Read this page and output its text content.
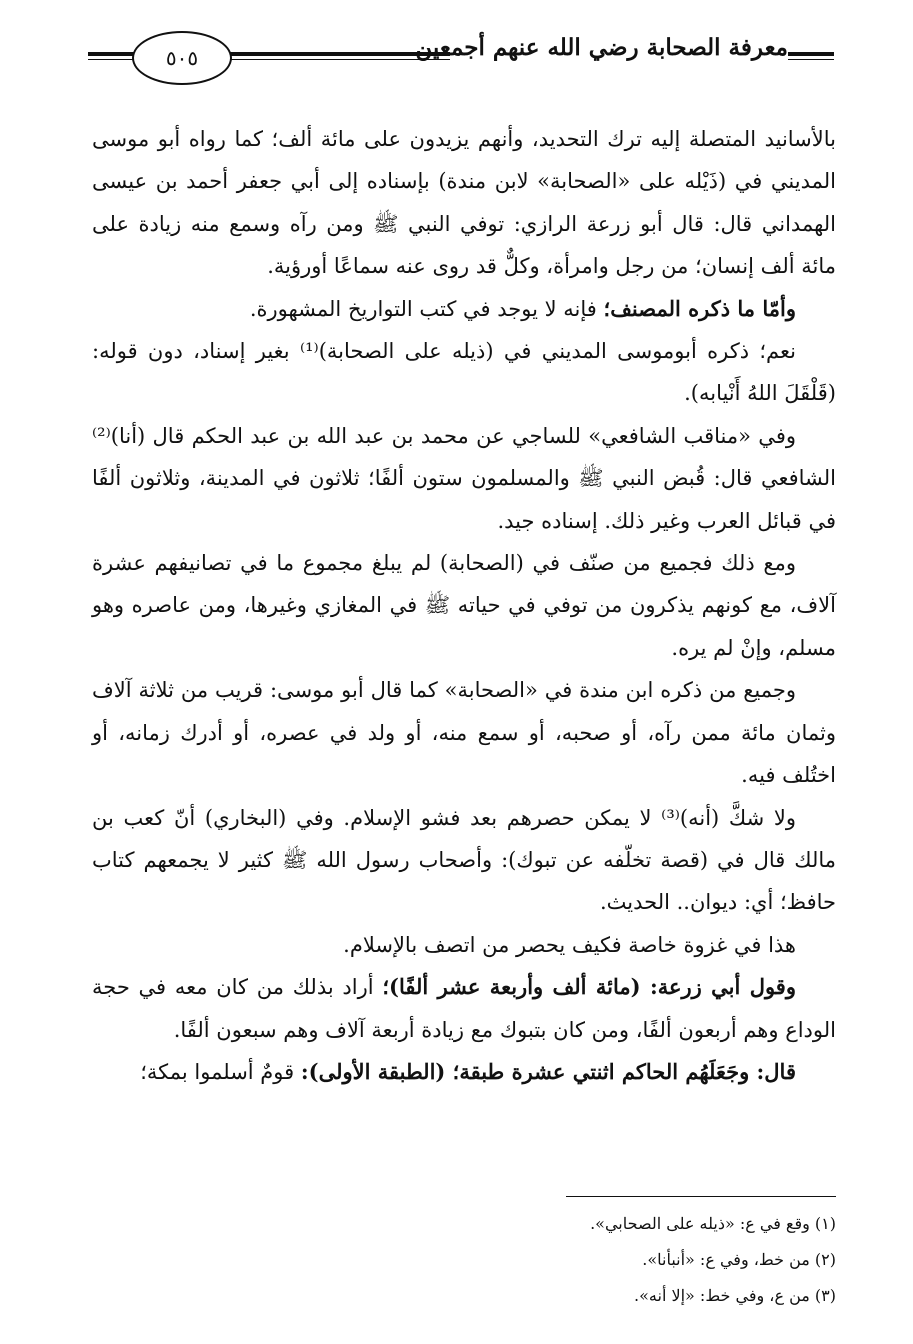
٥٠٥	معرفة الصحابة رضي الله عنهم أجمعين

بالأسانيد المتصلة إليه ترك التحديد، وأنهم يزيدون على مائة ألف؛ كما رواه أبو موسى المديني في (ذَيْله على «الصحابة» لابن مندة) بإسناده إلى أبي جعفر أحمد بن عيسى الهمداني قال: قال أبو زرعة الرازي: توفي النبي ﷺ ومن رآه وسمع منه زيادة على مائة ألف إنسان؛ من رجل وامرأة، وكلٌّ قد روى عنه سماعًا أورؤية.

وأمّا ما ذكره المصنف؛ فإنه لا يوجد في كتب التواريخ المشهورة.

نعم؛ ذكره أبوموسى المديني في (ذيله على الصحابة)⁽¹⁾ بغير إسناد، دون قوله: (قَلْقَلَ اللهُ أَنْيابه).

وفي «مناقب الشافعي» للساجي عن محمد بن عبد الله بن عبد الحكم قال (أنا)⁽²⁾ الشافعي قال: قُبض النبي ﷺ والمسلمون ستون ألفًا؛ ثلاثون في المدينة، وثلاثون ألفًا في قبائل العرب وغير ذلك. إسناده جيد.

ومع ذلك فجميع من صنّف في (الصحابة) لم يبلغ مجموع ما في تصانيفهم عشرة آلاف، مع كونهم يذكرون من توفي في حياته ﷺ في المغازي وغيرها، ومن عاصره وهو مسلم، وإنْ لم يره.

وجميع من ذكره ابن مندة في «الصحابة» كما قال أبو موسى: قريب من ثلاثة آلاف وثمان مائة ممن رآه، أو صحبه، أو سمع منه، أو ولد في عصره، أو أدرك زمانه، أو اختُلف فيه.

ولا شكَّ (أنه)⁽³⁾ لا يمكن حصرهم بعد فشو الإسلام. وفي (البخاري) أنّ كعب بن مالك قال في (قصة تخلّفه عن تبوك): وأصحاب رسول الله ﷺ كثير لا يجمعهم كتاب حافظ؛ أي: ديوان.. الحديث.

هذا في غزوة خاصة فكيف يحصر من اتصف بالإسلام.

وقول أبي زرعة: (مائة ألف وأربعة عشر ألفًا)؛ أراد بذلك من كان معه في حجة الوداع وهم أربعون ألفًا، ومن كان بتبوك مع زيادة أربعة آلاف وهم سبعون ألفًا.

قال: وجَعَلَهُم الحاكم اثنتي عشرة طبقة؛ (الطبقة الأولى): قومٌ أسلموا بمكة؛

(١) وقع في ع: «ذيله على الصحابي».

(٢) من خط، وفي ع: «أنبأنا».

(٣) من ع، وفي خط: «إلا أنه».
